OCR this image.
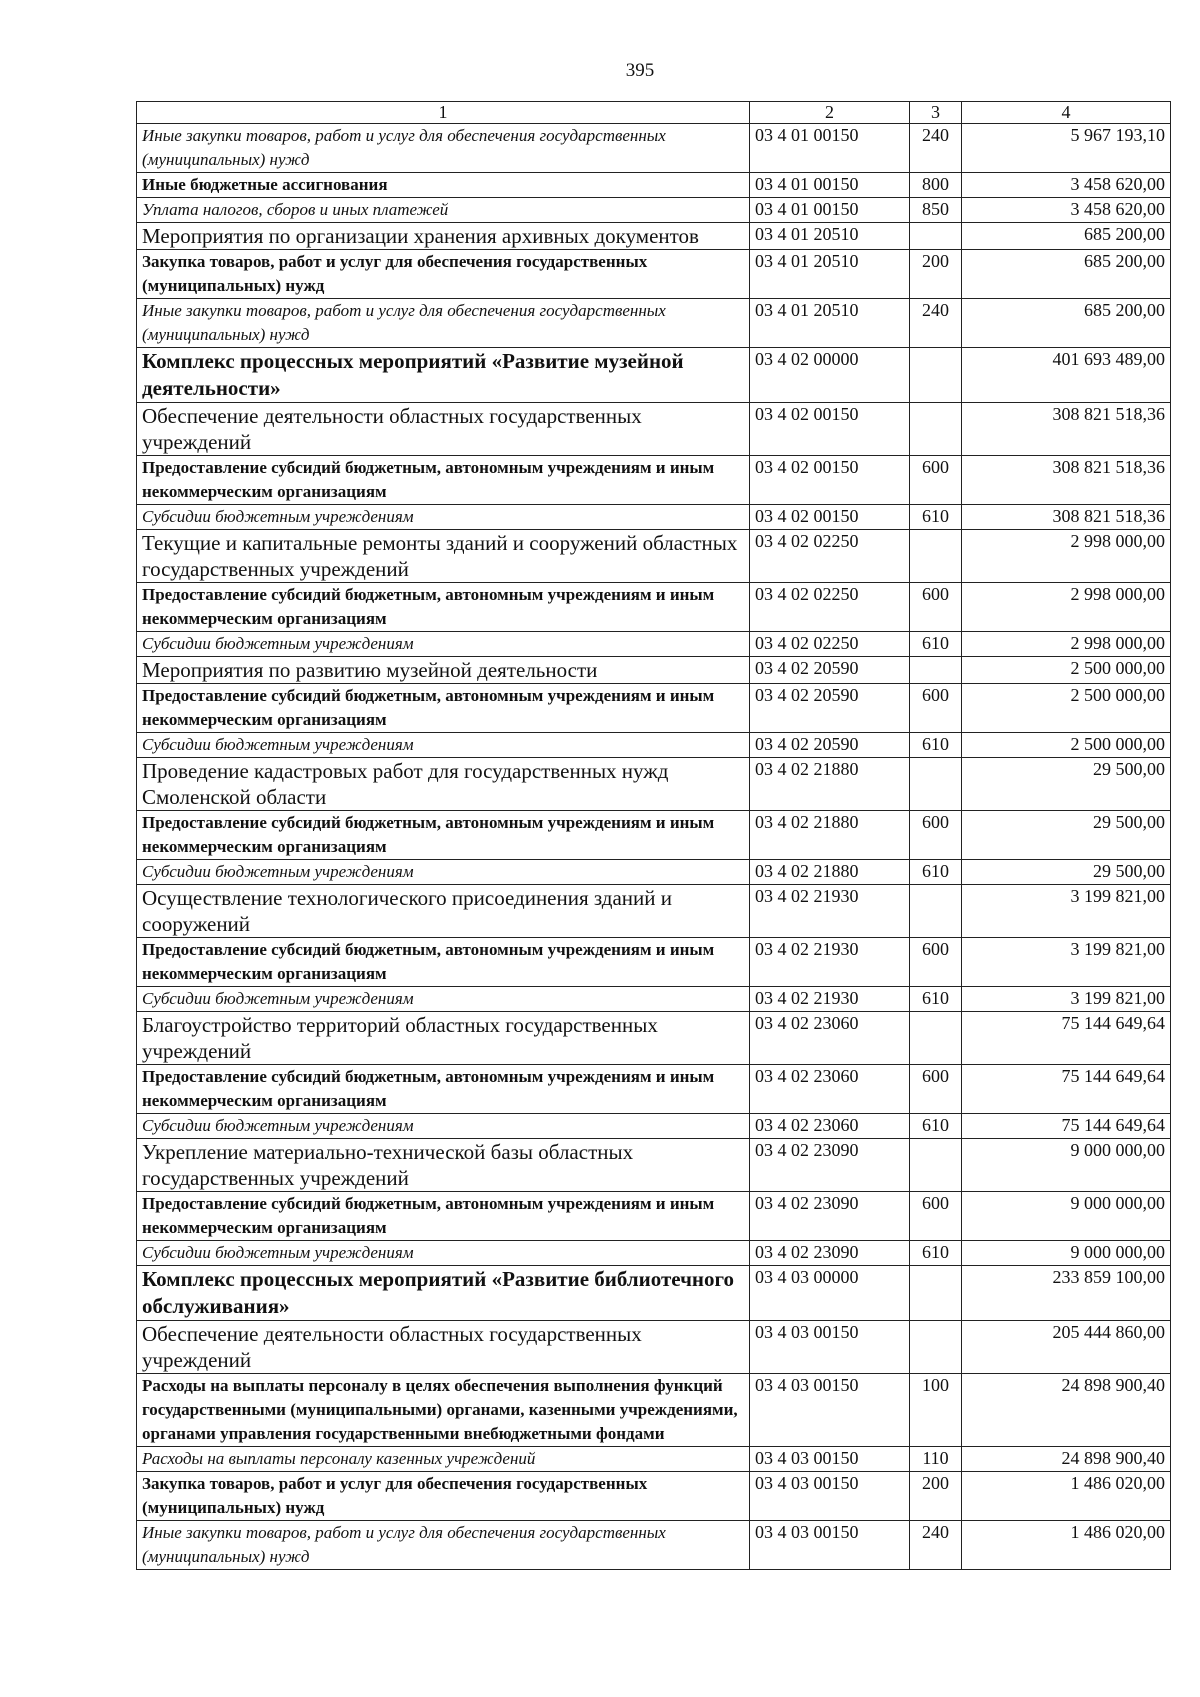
395
1	2	3	4
Иные закупки товаров, работ и услуг для обеспечения государственных (муниципальных) нужд	03 4 01 00150	240	5 967 193,10
Иные бюджетные ассигнования	03 4 01 00150	800	3 458 620,00
Уплата налогов, сборов и иных платежей	03 4 01 00150	850	3 458 620,00
Мероприятия по организации хранения архивных документов	03 4 01 20510		685 200,00
Закупка товаров, работ и услуг для обеспечения государственных (муниципальных) нужд	03 4 01 20510	200	685 200,00
Иные закупки товаров, работ и услуг для обеспечения государственных (муниципальных) нужд	03 4 01 20510	240	685 200,00
Комплекс процессных мероприятий «Развитие музейной деятельности»	03 4 02 00000		401 693 489,00
Обеспечение деятельности областных государственных учреждений	03 4 02 00150		308 821 518,36
Предоставление субсидий бюджетным, автономным учреждениям и иным некоммерческим организациям	03 4 02 00150	600	308 821 518,36
Субсидии бюджетным учреждениям	03 4 02 00150	610	308 821 518,36
Текущие и капитальные ремонты зданий и сооружений областных государственных учреждений	03 4 02 02250		2 998 000,00
Предоставление субсидий бюджетным, автономным учреждениям и иным некоммерческим организациям	03 4 02 02250	600	2 998 000,00
Субсидии бюджетным учреждениям	03 4 02 02250	610	2 998 000,00
Мероприятия по развитию музейной деятельности	03 4 02 20590		2 500 000,00
Предоставление субсидий бюджетным, автономным учреждениям и иным некоммерческим организациям	03 4 02 20590	600	2 500 000,00
Субсидии бюджетным учреждениям	03 4 02 20590	610	2 500 000,00
Проведение кадастровых работ для государственных нужд Смоленской области	03 4 02 21880		29 500,00
Предоставление субсидий бюджетным, автономным учреждениям и иным некоммерческим организациям	03 4 02 21880	600	29 500,00
Субсидии бюджетным учреждениям	03 4 02 21880	610	29 500,00
Осуществление технологического присоединения зданий и сооружений	03 4 02 21930		3 199 821,00
Предоставление субсидий бюджетным, автономным учреждениям и иным некоммерческим организациям	03 4 02 21930	600	3 199 821,00
Субсидии бюджетным учреждениям	03 4 02 21930	610	3 199 821,00
Благоустройство территорий областных государственных учреждений	03 4 02 23060		75 144 649,64
Предоставление субсидий бюджетным, автономным учреждениям и иным некоммерческим организациям	03 4 02 23060	600	75 144 649,64
Субсидии бюджетным учреждениям	03 4 02 23060	610	75 144 649,64
Укрепление материально-технической базы областных государственных учреждений	03 4 02 23090		9 000 000,00
Предоставление субсидий бюджетным, автономным учреждениям и иным некоммерческим организациям	03 4 02 23090	600	9 000 000,00
Субсидии бюджетным учреждениям	03 4 02 23090	610	9 000 000,00
Комплекс процессных мероприятий «Развитие библиотечного обслуживания»	03 4 03 00000		233 859 100,00
Обеспечение деятельности областных государственных учреждений	03 4 03 00150		205 444 860,00
Расходы на выплаты персоналу в целях обеспечения выполнения функций государственными (муниципальными) органами, казенными учреждениями, органами управления государственными внебюджетными фондами	03 4 03 00150	100	24 898 900,40
Расходы на выплаты персоналу казенных учреждений	03 4 03 00150	110	24 898 900,40
Закупка товаров, работ и услуг для обеспечения государственных (муниципальных) нужд	03 4 03 00150	200	1 486 020,00
Иные закупки товаров, работ и услуг для обеспечения государственных (муниципальных) нужд	03 4 03 00150	240	1 486 020,00
